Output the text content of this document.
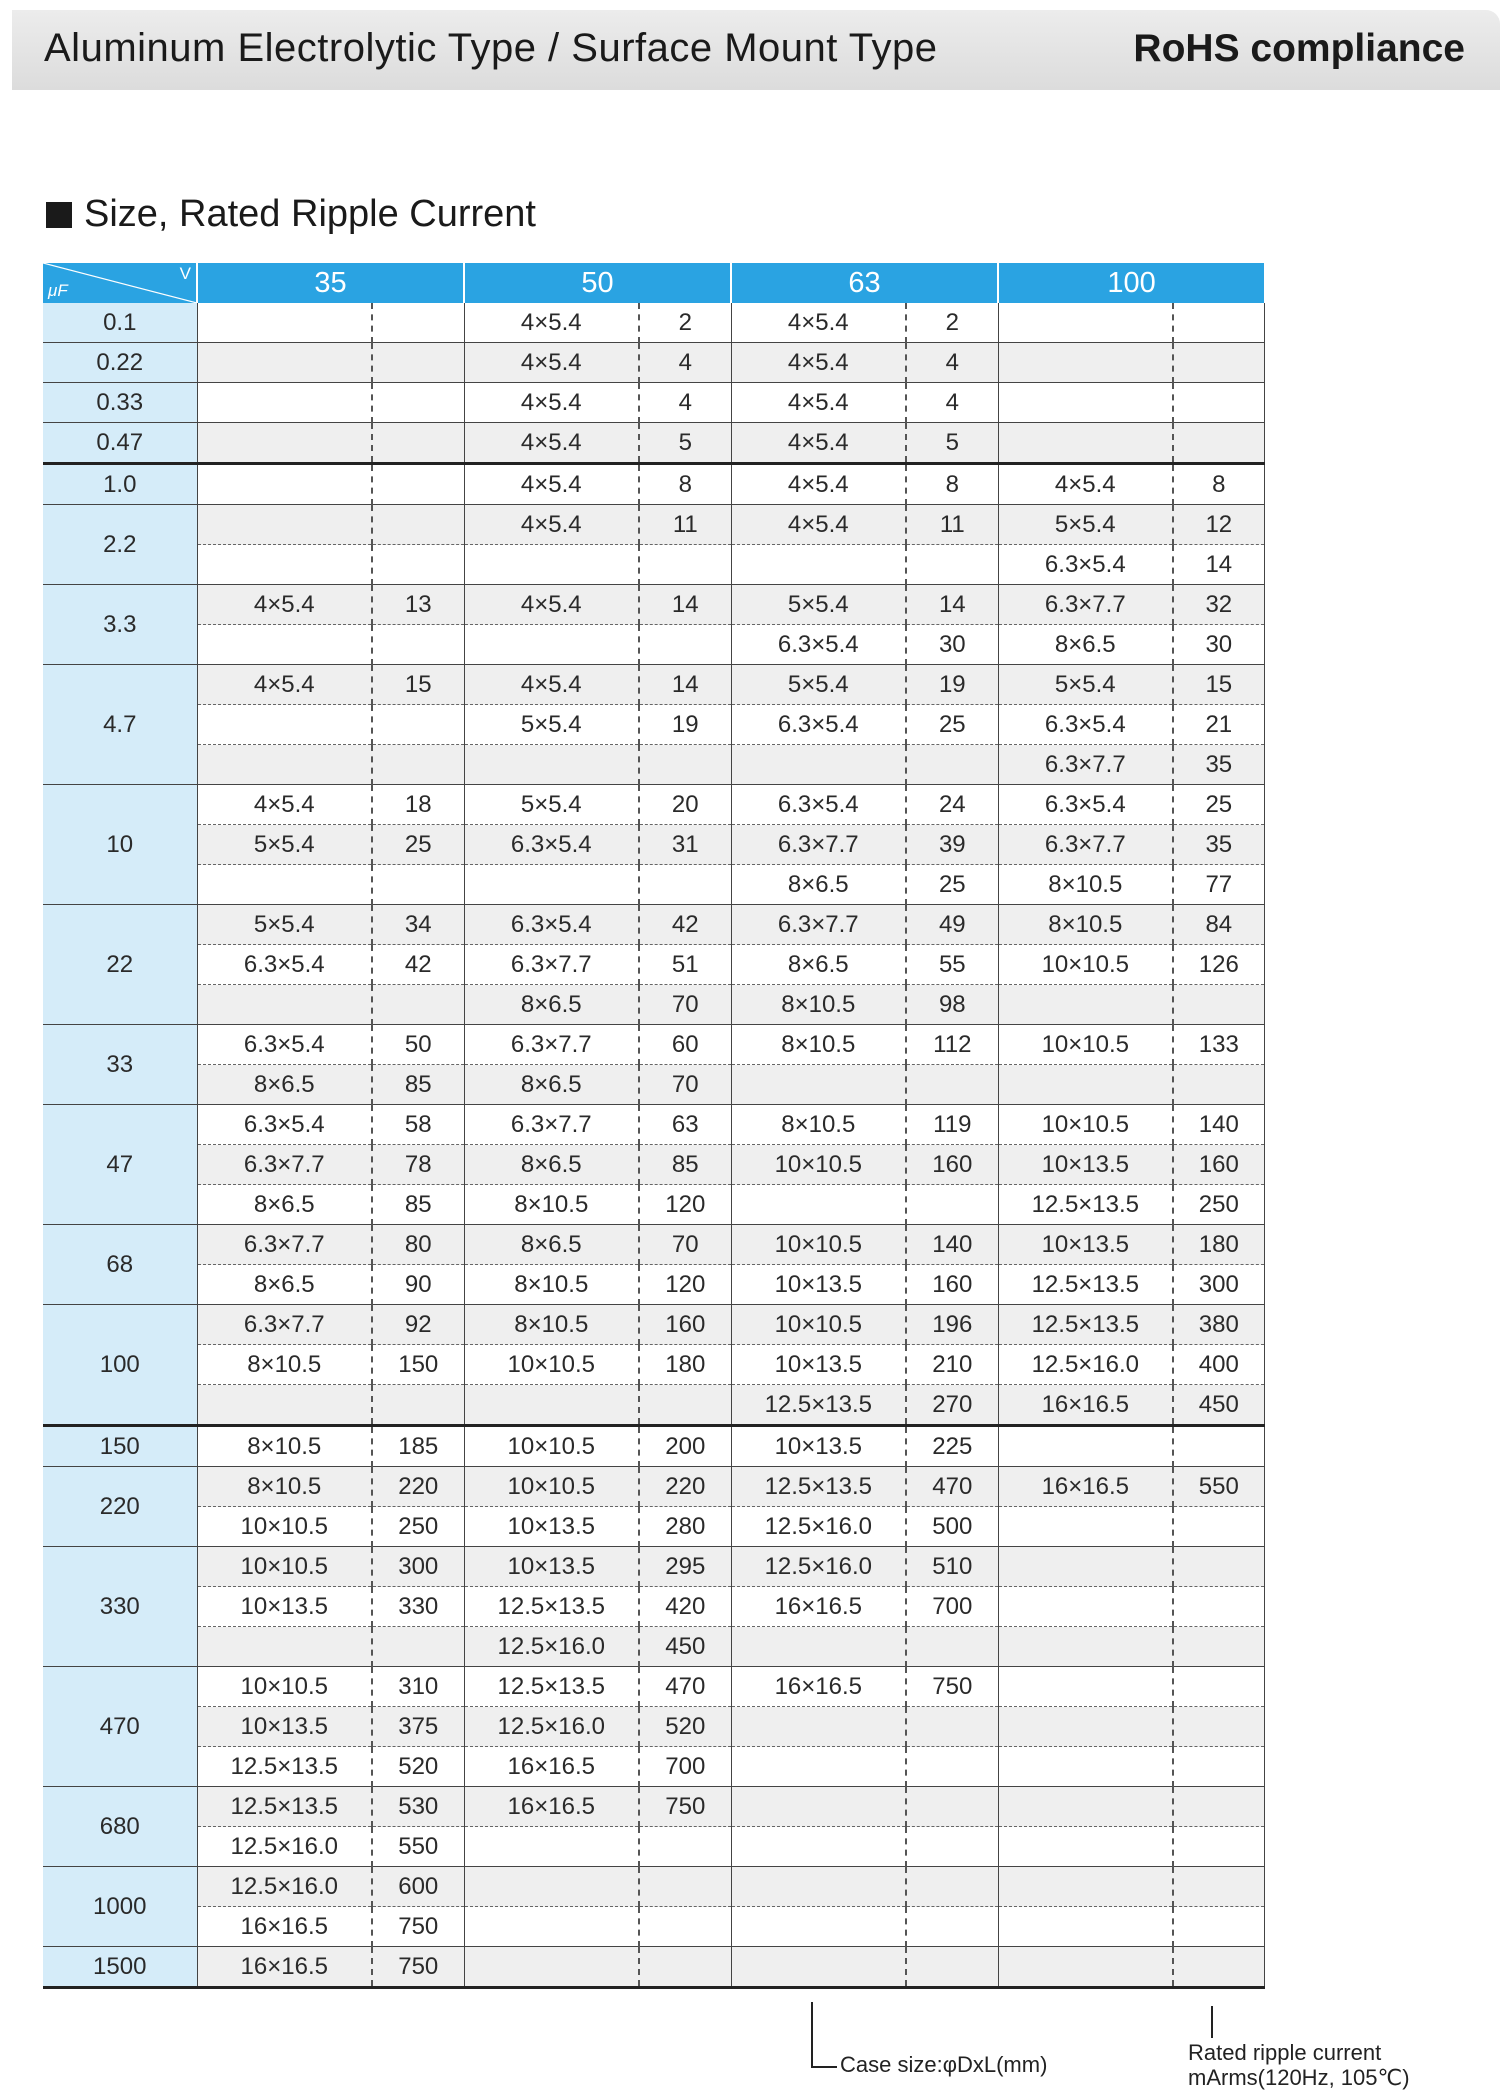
Aluminum Electrolytic Type / Surface Mount Type	RoHS compliance
Size, Rated Ripple Current
μF
V	35		50		63		100	
0.1			4×5.4	2	4×5.4	2		
0.22			4×5.4	4	4×5.4	4		
0.33			4×5.4	4	4×5.4	4		
0.47			4×5.4	5	4×5.4	5		
1.0			4×5.4	8	4×5.4	8	4×5.4	8
2.2			4×5.4	11	4×5.4	11	5×5.4	12
							6.3×5.4	14
3.3	4×5.4	13	4×5.4	14	5×5.4	14	6.3×7.7	32
					6.3×5.4	30	8×6.5	30
4.7	4×5.4	15	4×5.4	14	5×5.4	19	5×5.4	15
			5×5.4	19	6.3×5.4	25	6.3×5.4	21
							6.3×7.7	35
10	4×5.4	18	5×5.4	20	6.3×5.4	24	6.3×5.4	25
	5×5.4	25	6.3×5.4	31	6.3×7.7	39	6.3×7.7	35
					8×6.5	25	8×10.5	77
22	5×5.4	34	6.3×5.4	42	6.3×7.7	49	8×10.5	84
	6.3×5.4	42	6.3×7.7	51	8×6.5	55	10×10.5	126
			8×6.5	70	8×10.5	98		
33	6.3×5.4	50	6.3×7.7	60	8×10.5	112	10×10.5	133
	8×6.5	85	8×6.5	70				
47	6.3×5.4	58	6.3×7.7	63	8×10.5	119	10×10.5	140
	6.3×7.7	78	8×6.5	85	10×10.5	160	10×13.5	160
	8×6.5	85	8×10.5	120			12.5×13.5	250
68	6.3×7.7	80	8×6.5	70	10×10.5	140	10×13.5	180
	8×6.5	90	8×10.5	120	10×13.5	160	12.5×13.5	300
100	6.3×7.7	92	8×10.5	160	10×10.5	196	12.5×13.5	380
	8×10.5	150	10×10.5	180	10×13.5	210	12.5×16.0	400
					12.5×13.5	270	16×16.5	450
150	8×10.5	185	10×10.5	200	10×13.5	225		
220	8×10.5	220	10×10.5	220	12.5×13.5	470	16×16.5	550
	10×10.5	250	10×13.5	280	12.5×16.0	500		
330	10×10.5	300	10×13.5	295	12.5×16.0	510		
	10×13.5	330	12.5×13.5	420	16×16.5	700		
			12.5×16.0	450				
470	10×10.5	310	12.5×13.5	470	16×16.5	750		
	10×13.5	375	12.5×16.0	520				
	12.5×13.5	520	16×16.5	700				
680	12.5×13.5	530	16×16.5	750				
	12.5×16.0	550						
1000	12.5×16.0	600						
	16×16.5	750						
1500	16×16.5	750						
Case size:φDxL(mm)	Rated ripple current
mArms(120Hz, 105℃)
